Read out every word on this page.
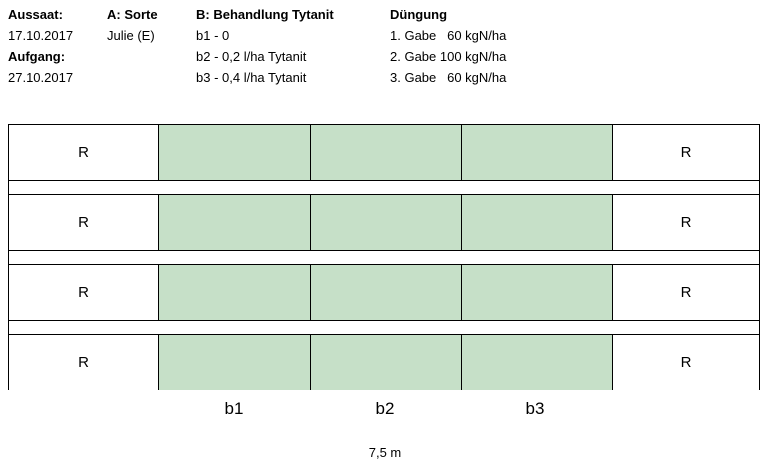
Aussaat:
17.10.2017
Aufgang:
27.10.2017
A: Sorte
Julie (E)
B: Behandlung Tytanit
b1 - 0
b2 - 0,2 l/ha Tytanit
b3 - 0,4 l/ha Tytanit
Düngung
1. Gabe   60 kgN/ha
2. Gabe 100 kgN/ha
3. Gabe   60 kgN/ha
R	R
R	R
R	R
R	R
b1	b2	b3
7,5 m
